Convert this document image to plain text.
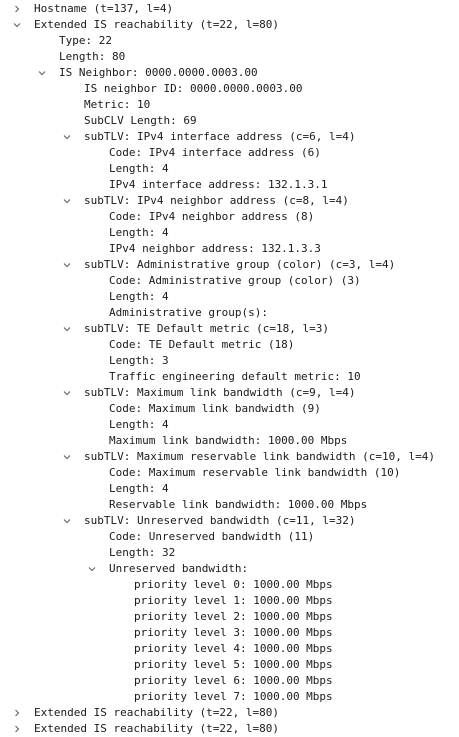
Hostname (t=137, l=4)
Extended IS reachability (t=22, l=80)
Type: 22
Length: 80
IS Neighbor: 0000.0000.0003.00
IS neighbor ID: 0000.0000.0003.00
Metric: 10
SubCLV Length: 69
subTLV: IPv4 interface address (c=6, l=4)
Code: IPv4 interface address (6)
Length: 4
IPv4 interface address: 132.1.3.1
subTLV: IPv4 neighbor address (c=8, l=4)
Code: IPv4 neighbor address (8)
Length: 4
IPv4 neighbor address: 132.1.3.3
subTLV: Administrative group (color) (c=3, l=4)
Code: Administrative group (color) (3)
Length: 4
Administrative group(s):
subTLV: TE Default metric (c=18, l=3)
Code: TE Default metric (18)
Length: 3
Traffic engineering default metric: 10
subTLV: Maximum link bandwidth (c=9, l=4)
Code: Maximum link bandwidth (9)
Length: 4
Maximum link bandwidth: 1000.00 Mbps
subTLV: Maximum reservable link bandwidth (c=10, l=4)
Code: Maximum reservable link bandwidth (10)
Length: 4
Reservable link bandwidth: 1000.00 Mbps
subTLV: Unreserved bandwidth (c=11, l=32)
Code: Unreserved bandwidth (11)
Length: 32
Unreserved bandwidth:
priority level 0: 1000.00 Mbps
priority level 1: 1000.00 Mbps
priority level 2: 1000.00 Mbps
priority level 3: 1000.00 Mbps
priority level 4: 1000.00 Mbps
priority level 5: 1000.00 Mbps
priority level 6: 1000.00 Mbps
priority level 7: 1000.00 Mbps
Extended IS reachability (t=22, l=80)
Extended IS reachability (t=22, l=80)
